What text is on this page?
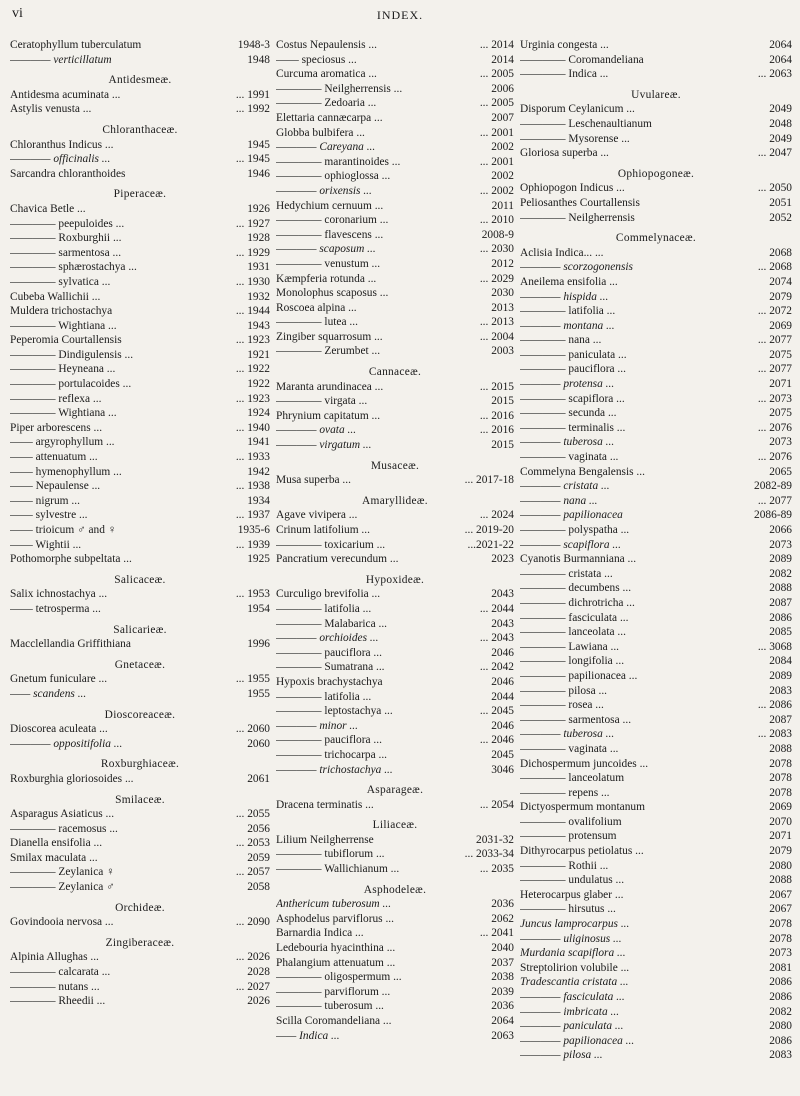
vi	INDEX.
Ceratophyllum tuberculatum	1948-3
———— verticillatum	1948
Antidesmeæ.
Antidesma acuminata ...	... 1991
Astylis venusta ...	... 1992
Chloranthaceæ.
Chloranthus Indicus ...	1945
———— officinalis ...	... 1945
Sarcandra chloranthoides	1946
Piperaceæ.
Chavica Betle ...	1926
———— peepuloides ...	... 1927
———— Roxburghii ...	1928
———— sarmentosa ...	... 1929
———— sphærostachya ...	1931
———— sylvatica ...	... 1930
Cubeba Wallichii ...	1932
Muldera trichostachya	... 1944
———— Wightiana ...	1943
Peperomia Courtallensis	... 1923
———— Dindigulensis ...	1921
———— Heyneana ...	... 1922
———— portulacoides ...	1922
———— reflexa ...	... 1923
———— Wightiana ...	1924
Piper arborescens ...	... 1940
—— argyrophyllum ...	1941
—— attenuatum ...	... 1933
—— hymenophyllum ...	1942
—— Nepaulense ...	... 1938
—— nigrum ...	1934
—— sylvestre ...	... 1937
—— trioicum ♂ and ♀	1935-6
—— Wightii ...	... 1939
Pothomorphe subpeltata ...	1925
Salicaceæ.
Salix ichnostachya ...	... 1953
—— tetrosperma ...	1954
Salicarieæ.
Macclellandia Griffithiana	1996
Gnetaceæ.
Gnetum funiculare ...	... 1955
—— scandens ...	1955
Dioscoreaceæ.
Dioscorea aculeata ...	... 2060
———— oppositifolia ...	2060
Roxburghiaceæ.
Roxburghia gloriosoides ...	2061
Smilaceæ.
Asparagus Asiaticus ...	... 2055
———— racemosus ...	2056
Dianella ensifolia ...	... 2053
Smilax maculata ...	2059
———— Zeylanica ♀	... 2057
———— Zeylanica ♂	2058
Orchideæ.
Govindooia nervosa ...	... 2090
Zingiberaceæ.
Alpinia Allughas ...	... 2026
———— calcarata ...	2028
———— nutans ...	... 2027
———— Rheedii ...	2026
Costus Nepaulensis ...	... 2014
—— speciosus ...	2014
Curcuma aromatica ...	... 2005
———— Neilgherrensis ...	2006
———— Zedoaria ...	... 2005
Elettaria cannæcarpa ...	2007
Globba bulbifera ...	... 2001
———— Careyana ...	2002
———— marantinoides ...	... 2001
———— ophioglossa ...	2002
———— orixensis ...	... 2002
Hedychium cernuum ...	2011
———— coronarium ...	... 2010
———— flavescens ...	2008-9
———— scaposum ...	... 2030
———— venustum ...	2012
Kæmpferia rotunda ...	... 2029
Monolophus scaposus ...	2030
Roscoea alpina ...	2013
———— lutea ...	... 2013
Zingiber squarrosum ...	... 2004
———— Zerumbet ...	2003
Cannaceæ.
Maranta arundinacea ...	... 2015
———— virgata ...	2015
Phrynium capitatum ...	... 2016
———— ovata ...	... 2016
———— virgatum ...	2015
Musaceæ.
Musa superba ...	... 2017-18
Amaryllideæ.
Agave vivipera ...	... 2024
Crinum latifolium ...	... 2019-20
———— toxicarium ...	...2021-22
Pancratium verecundum ...	2023
Hypoxideæ.
Curculigo brevifolia ...	2043
———— latifolia ...	... 2044
———— Malabarica ...	2043
———— orchioides ...	... 2043
———— pauciflora ...	2046
———— Sumatrana ...	... 2042
Hypoxis brachystachya	2046
———— latifolia ...	2044
———— leptostachya ...	... 2045
———— minor ...	2046
———— pauciflora ...	... 2046
———— trichocarpa ...	2045
———— trichostachya ...	3046
Asparageæ.
Dracena terminatis ...	... 2054
Liliaceæ.
Lilium Neilgherrense	2031-32
———— tubiflorum ...	... 2033-34
———— Wallichianum ...	... 2035
Asphodeleæ.
Anthericum tuberosum ...	2036
Asphodelus parviflorus ...	2062
Barnardia Indica ...	... 2041
Ledebouria hyacinthina ...	2040
Phalangium attenuatum ...	2037
———— oligospermum ...	2038
———— parviflorum ...	2039
———— tuberosum ...	2036
Scilla Coromandeliana ...	2064
—— Indica ...	2063
Urginia congesta ...	2064
———— Coromandeliana	2064
———— Indica ...	... 2063
Uvulareæ.
Disporum Ceylanicum ...	2049
———— Leschenaultianum	2048
———— Mysorense ...	2049
Gloriosa superba ...	... 2047
Ophiopogoneæ.
Ophiopogon Indicus ...	... 2050
Peliosanthes Courtallensis	2051
———— Neilgherrensis	2052
Commelynaceæ.
Aclisia Indica... ...	2068
———— scorzogonensis	... 2068
Aneilema ensifolia ...	2074
———— hispida ...	2079
———— latifolia ...	... 2072
———— montana ...	2069
———— nana ...	... 2077
———— paniculata ...	2075
———— pauciflora ...	... 2077
———— protensa ...	2071
———— scapiflora ...	... 2073
———— secunda ...	2075
———— terminalis ...	... 2076
———— tuberosa ...	2073
———— vaginata ...	... 2076
Commelyna Bengalensis ...	2065
———— cristata ...	2082-89
———— nana ...	... 2077
———— papilionacea	2086-89
———— polyspatha ...	2066
———— scapiflora ...	2073
Cyanotis Burmanniana ...	2089
———— cristata ...	2082
———— decumbens ...	2088
———— dichrotricha ...	2087
———— fasciculata ...	2086
———— lanceolata ...	2085
———— Lawiana ...	... 3068
———— longifolia ...	2084
———— papilionacea ...	2089
———— pilosa ...	2083
———— rosea ...	... 2086
———— sarmentosa ...	2087
———— tuberosa ...	... 2083
———— vaginata ...	2088
Dichospermum juncoides ...	2078
———— lanceolatum	2078
———— repens ...	2078
Dictyospermum montanum	2069
———— ovalifolium	2070
———— protensum	2071
Dithyrocarpus petiolatus ...	2079
———— Rothii ...	2080
———— undulatus ...	2088
Heterocarpus glaber ...	2067
———— hirsutus ...	2067
Juncus lamprocarpus ...	2078
———— uliginosus ...	2078
Murdania scapiflora ...	2073
Streptolirion volubile ...	2081
Tradescantia cristata ...	2086
———— fasciculata ...	2086
———— imbricata ...	2082
———— paniculata ...	2080
———— papilionacea ...	2086
———— pilosa ...	2083
